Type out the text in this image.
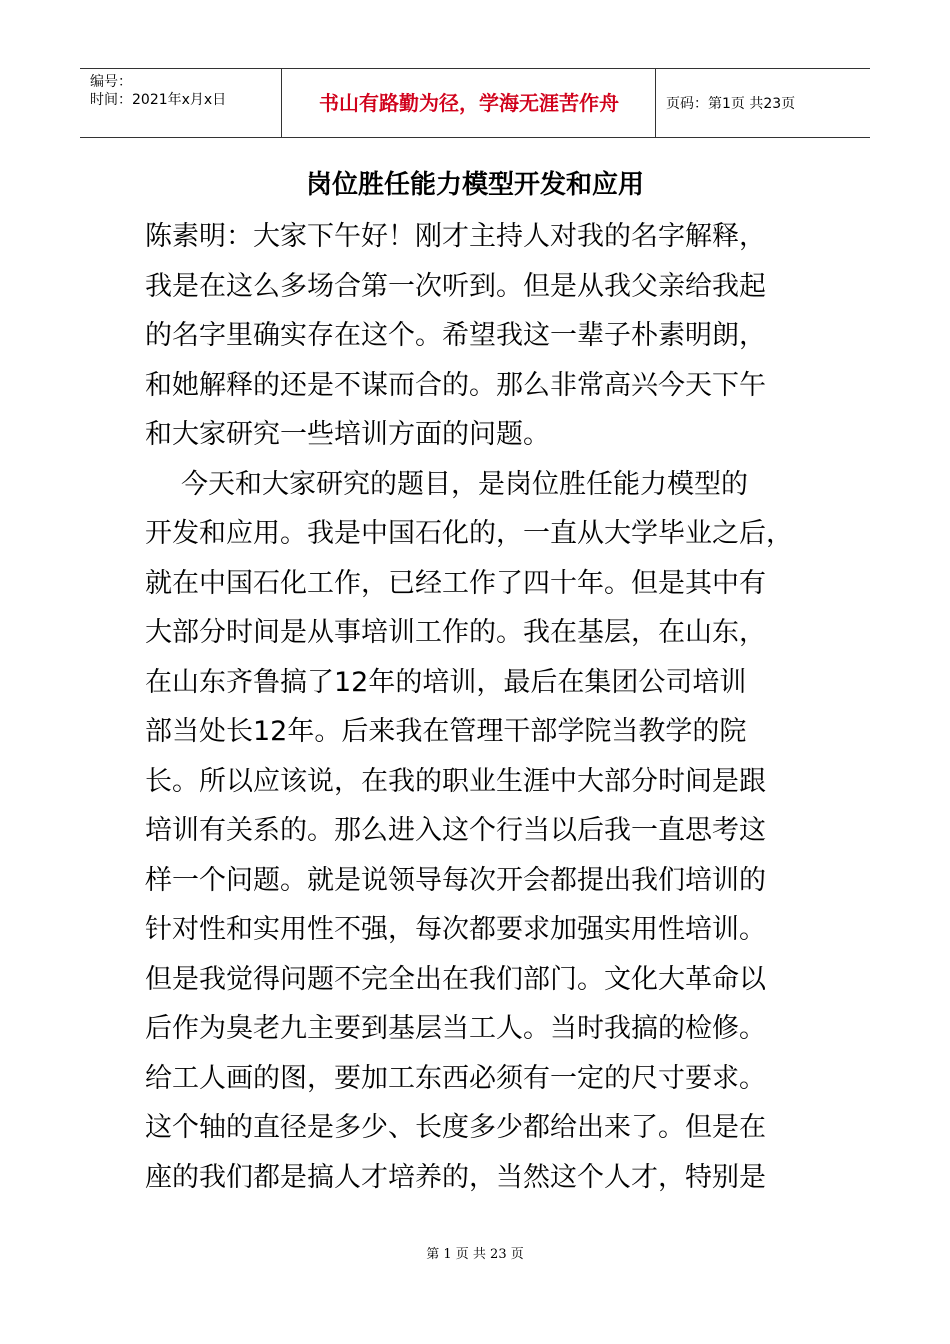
编号：
时间：2021年x月x日	书山有路勤为径，学海无涯苦作舟	页码：第1页 共23页
岗位胜任能力模型开发和应用
陈素明：大家下午好！刚才主持人对我的名字解释，
我是在这么多场合第一次听到。但是从我父亲给我起
的名字里确实存在这个。希望我这一辈子朴素明朗，
和她解释的还是不谋而合的。那么非常高兴今天下午
和大家研究一些培训方面的问题。
今天和大家研究的题目，是岗位胜任能力模型的
开发和应用。我是中国石化的，一直从大学毕业之后，
就在中国石化工作，已经工作了四十年。但是其中有
大部分时间是从事培训工作的。我在基层，在山东，
在山东齐鲁搞了12年的培训，最后在集团公司培训
部当处长12年。后来我在管理干部学院当教学的院
长。所以应该说，在我的职业生涯中大部分时间是跟
培训有关系的。那么进入这个行当以后我一直思考这
样一个问题。就是说领导每次开会都提出我们培训的
针对性和实用性不强，每次都要求加强实用性培训。
但是我觉得问题不完全出在我们部门。文化大革命以
后作为臭老九主要到基层当工人。当时我搞的检修。
给工人画的图，要加工东西必须有一定的尺寸要求。
这个轴的直径是多少、长度多少都给出来了。但是在
座的我们都是搞人才培养的，当然这个人才，特别是
第 1 页 共 23 页
